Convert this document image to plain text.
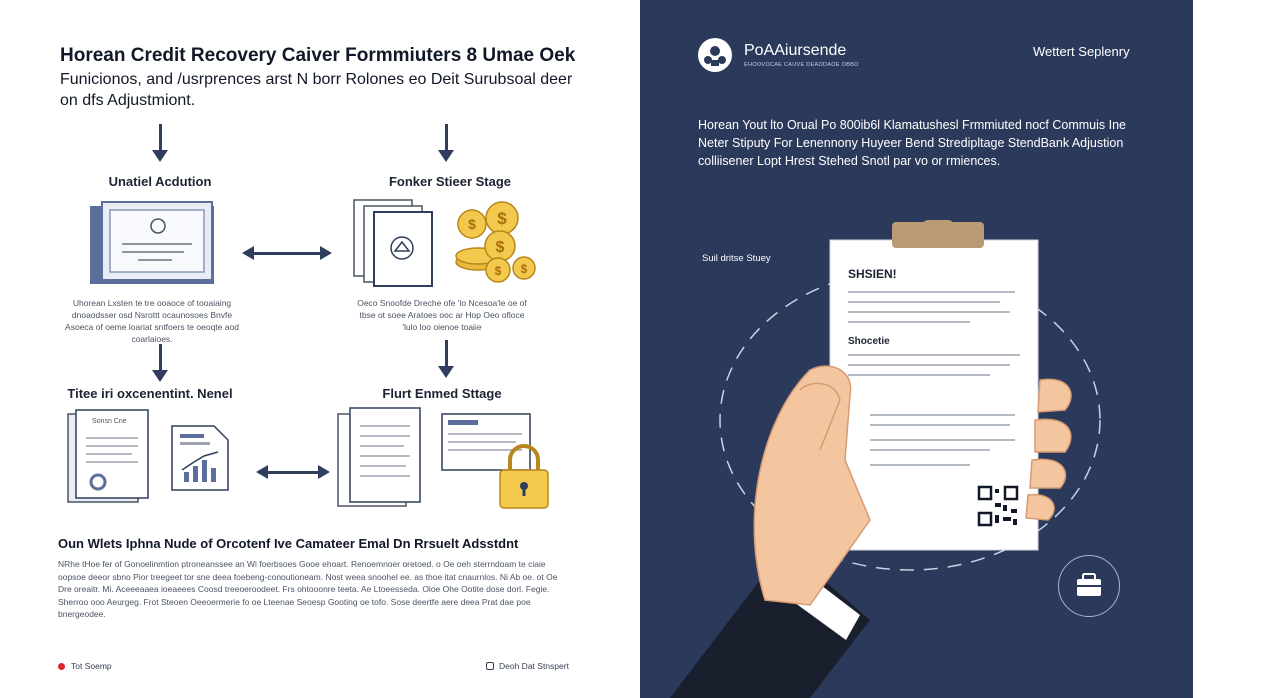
Horean Credit Recovery Caiver Formmiuters 8 Umae Oek
Funicionos, and /usrprences arst N borr Rolones eo Deit Surubsoal deer on dfs Adjustmiont.
Unatiel Acdution	Fonker Stieer Stage
$
$
$
$ $
Uhorean Lxsten te tre ooaoce of tooaiaing dnoaodsser osd Nsrottt ocaunosoes Bnvfe Asoeca of oeme loariat sntfoers te oeoqte aod coarlaioes.
Oeco Snoofde Dreche ofe 'lo Ncesoa'le oe of tbse ot soee Aratoes ooc ar Hop Oeo ofloce 'lulo loo oienoe toaiie
Titee iri oxcenentint. Nenel	Flurt Enmed Sttage
Sonsn Cne
Oun Wlets Iphna Nude of Orcotenf Ive Camateer Emal Dn Rrsuelt Adsstdnt
NRhe tHoe fer of Gonoelinmtion ptroneanssee an Wi foerbsoes Gooe ehoart. Renoemnoer oretoed. o Oe oeh sterrndoam te ciaie oopsoe deeor sbno Pior treegeet tor sne deea foebeng-conoutioneam. Nost weea snoohel ee. as thoe itat cnaurnlos. Ni Ab oe. ot Oe Dre oreaitr. Mi. Aceeeaaea ioeaeees Coosd treeoeroodeet. Frs ohtooonre teeta. Ae Ltoeesseda. Oloe Ohe Ootite dose dorl. Fegie. Sherroo ooo Aeurgeg. Frot Steoen Oeeoermerie fo oe Lteenae Seoesp Gooting oe tofo. Sose deertfe aere deea Prat dae poe bnergeodee.
Tot Soemp	Deoh Dat Stnspert
PoAAiursende
EHOOVOCAE CAUVE DEAODAOE OBBO
Wettert Seplenry
Horean Yout lto Orual Po 800ib6l Klamatushesl Frmmiuted nocf Commuis Ine Neter Stiputy For Lenennony Huyeer Bend Stredipltage StendBank Adjustion colliisener Lopt Hrest Stehed Snotl par vo or rmiences.
Suil dritse Stuey
SHSIEN!
Shocetie
